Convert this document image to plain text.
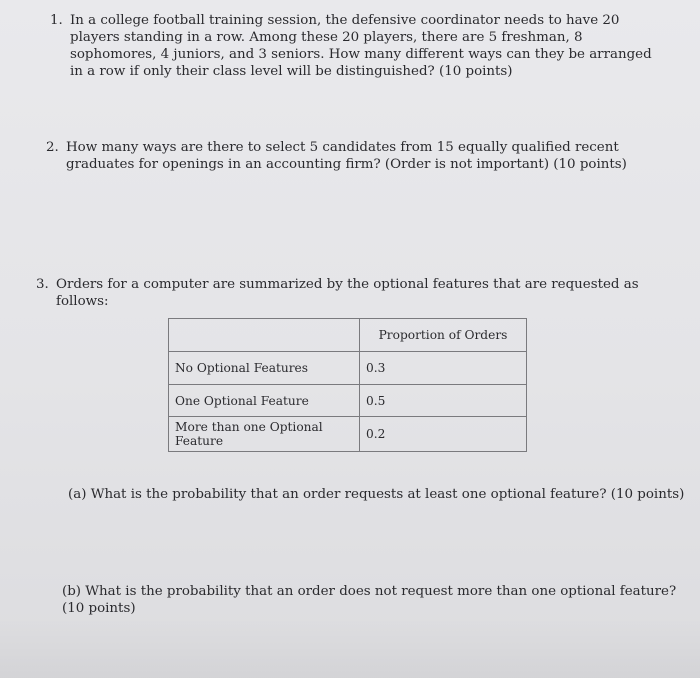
1. In a college football training session, the defensive coordinator needs to have 20 players standing in a row. Among these 20 players, there are 5 freshman, 8 sophomores, 4 juniors, and 3 seniors. How many different ways can they be arranged in a row if only their class level will be distinguished? (10 points)
2. How many ways are there to select 5 candidates from 15 equally qualified recent graduates for openings in an accounting firm? (Order is not important) (10 points)
3. Orders for a computer are summarized by the optional features that are requested as follows:
	Proportion of Orders
No Optional Features	0.3
One Optional Feature	0.5
More than one Optional Feature	0.2
(a) What is the probability that an order requests at least one optional feature? (10 points)
(b) What is the probability that an order does not request more than one optional feature? (10 points)
